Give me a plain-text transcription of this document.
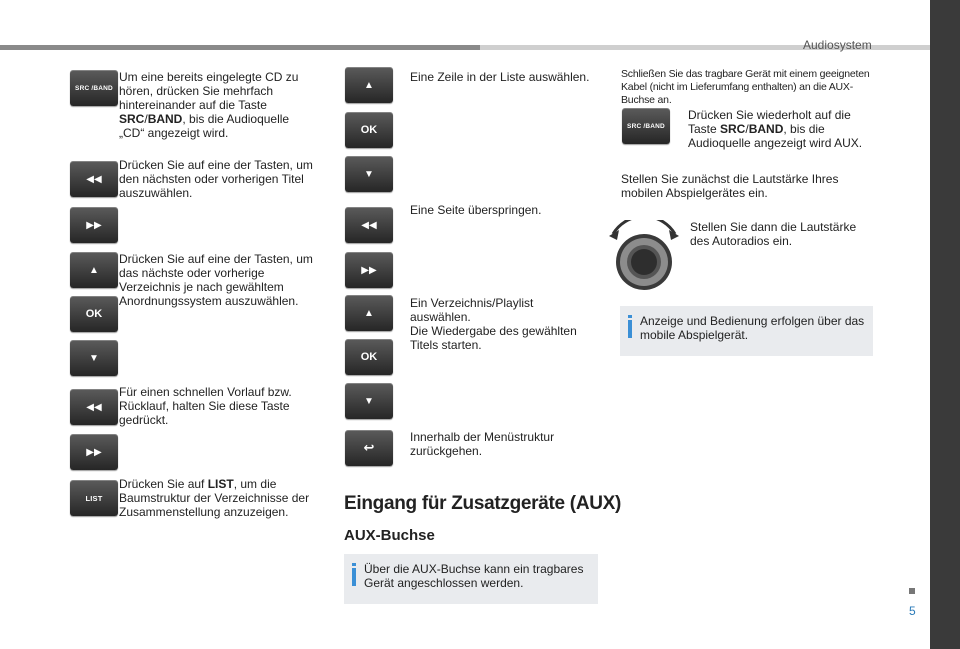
Audiosystem
5
SRC /BAND
Um eine bereits eingelegte CD zu hören, drücken Sie mehrfach hintereinander auf die Taste SRC/BAND, bis die Audioquelle „CD“ angezeigt wird.
◀◀
▶▶
Drücken Sie auf eine der Tasten, um den nächsten oder vorherigen Titel auszuwählen.
▲
OK
▼
Drücken Sie auf eine der Tasten, um das nächste oder vorherige Verzeichnis je nach gewähltem Anordnungssystem auszuwählen.
◀◀
▶▶
Für einen schnellen Vorlauf bzw. Rücklauf, halten Sie diese Taste gedrückt.
LIST
Drücken Sie auf LIST, um die Baumstruktur der Verzeichnisse der Zusammenstellung anzuzeigen.
▲
OK
▼
Eine Zeile in der Liste auswählen.
◀◀
▶▶
Eine Seite überspringen.
▲
OK
▼
Ein Verzeichnis/Playlist auswählen.
Die Wiedergabe des gewählten Titels starten.
↩
Innerhalb der Menüstruktur zurückgehen.
Eingang für Zusatzgeräte (AUX)
AUX-Buchse
Über die AUX-Buchse kann ein tragbares Gerät angeschlossen werden.
Schließen Sie das tragbare Gerät mit einem geeigneten Kabel (nicht im Lieferumfang enthalten) an die AUX-Buchse an.
SRC /BAND
Drücken Sie wiederholt auf die Taste SRC/BAND, bis die Audioquelle angezeigt wird AUX.
Stellen Sie zunächst die Lautstärke Ihres mobilen Abspielgerätes ein.
Stellen Sie dann die Lautstärke des Autoradios ein.
Anzeige und Bedienung erfolgen über das mobile Abspielgerät.
